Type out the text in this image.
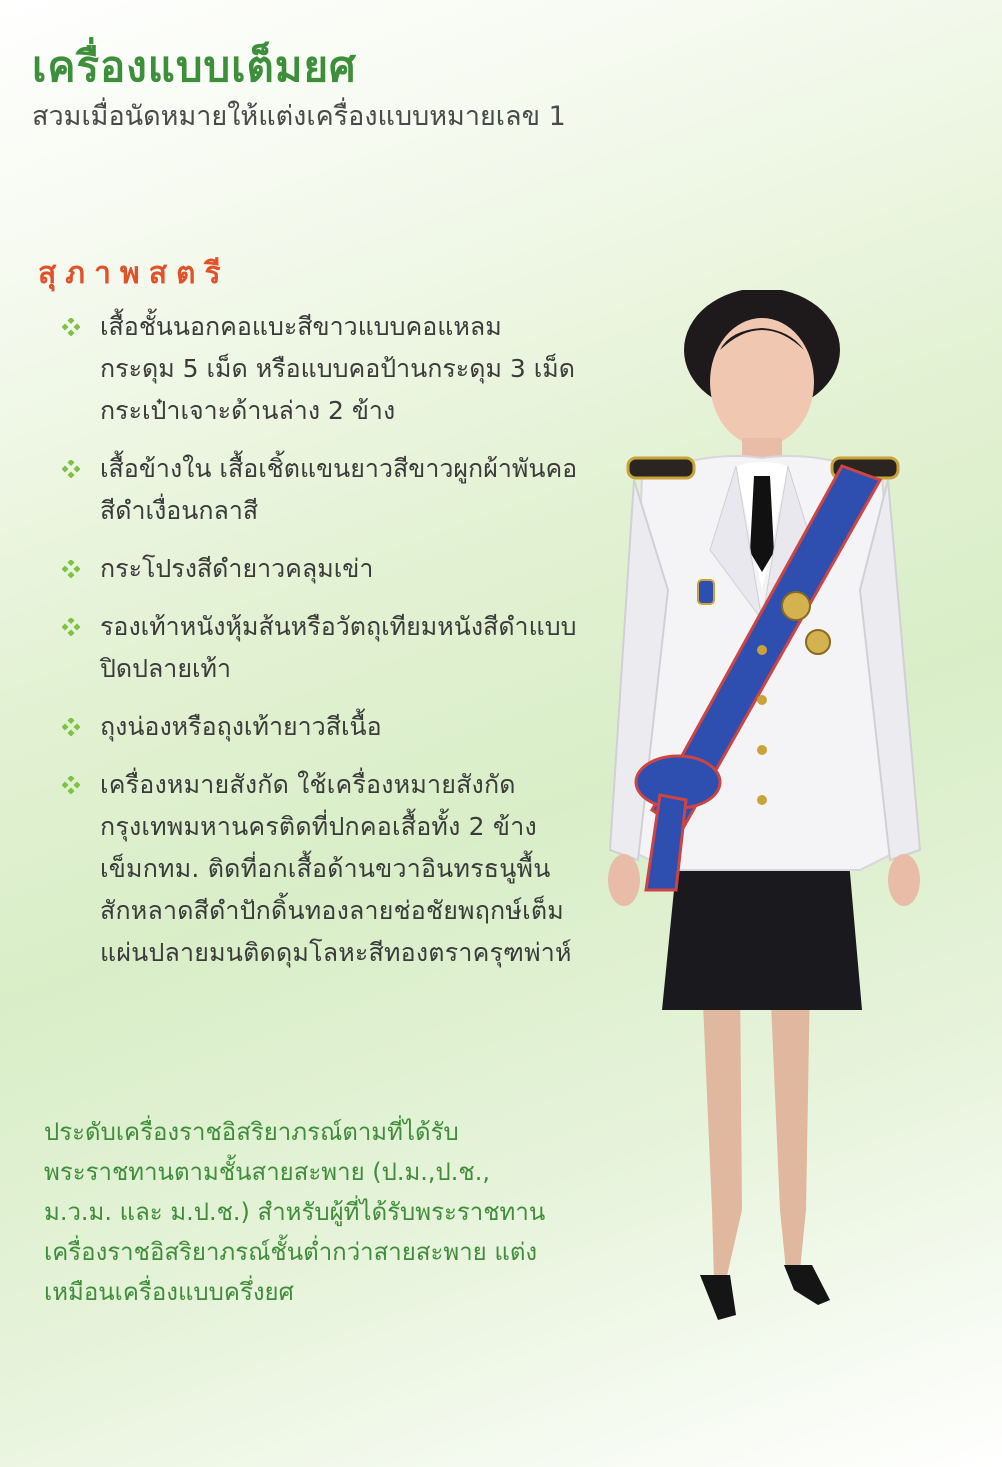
เครื่องแบบเต็มยศ

สวมเมื่อนัดหมายให้แต่งเครื่องแบบหมายเลข 1

สุภาพสตรี
เสื้อชั้นนอกคอแบะสีขาวแบบคอแหลม กระดุม 5 เม็ด หรือแบบคอป้านกระดุม 3 เม็ด กระเป๋าเจาะด้านล่าง 2 ข้าง
เสื้อข้างใน เสื้อเชิ้ตแขนยาวสีขาวผูกผ้าพันคอสีดำเงื่อนกลาสี
กระโปรงสีดำยาวคลุมเข่า
รองเท้าหนังหุ้มส้นหรือวัตถุเทียมหนังสีดำแบบปิดปลายเท้า
ถุงน่องหรือถุงเท้ายาวสีเนื้อ
เครื่องหมายสังกัด ใช้เครื่องหมายสังกัดกรุงเทพมหานครติดที่ปกคอเสื้อทั้ง 2 ข้าง เข็มกทม. ติดที่อกเสื้อด้านขวาอินทรธนูพื้นสักหลาดสีดำปักดิ้นทองลายช่อชัยพฤกษ์เต็มแผ่นปลายมนติดดุมโลหะสีทองตราครุฑพ่าห์

ประดับเครื่องราชอิสริยาภรณ์ตามที่ได้รับพระราชทานตามชั้นสายสะพาย (ป.ม.,ป.ช., ม.ว.ม. และ ม.ป.ช.) สำหรับผู้ที่ได้รับพระราชทานเครื่องราชอิสริยาภรณ์ชั้นต่ำกว่าสายสะพาย แต่งเหมือนเครื่องแบบครึ่งยศ
